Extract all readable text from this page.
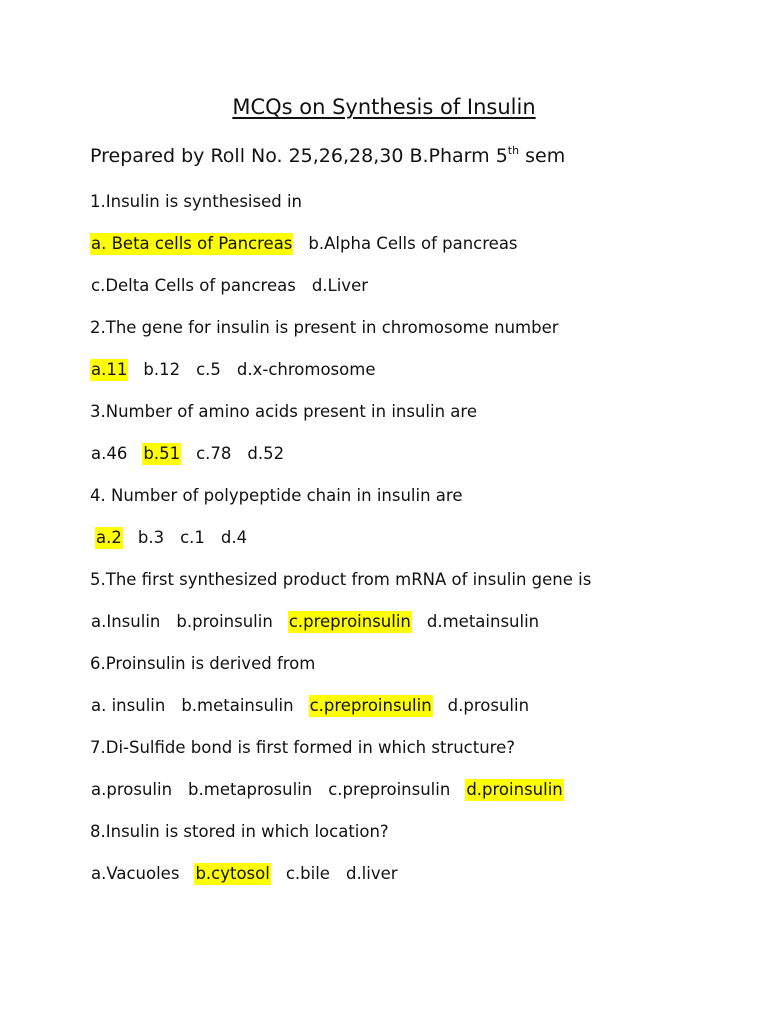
MCQs on Synthesis of Insulin
Prepared by Roll No. 25,26,28,30 B.Pharm 5th sem
1.Insulin is synthesised in
a. Beta cells of Pancreas b.Alpha Cells of pancreas
c.Delta Cells of pancreas d.Liver
2.The gene for insulin is present in chromosome number
a.11 b.12 c.5 d.x-chromosome
3.Number of amino acids present in insulin are
a.46 b.51 c.78 d.52
4. Number of polypeptide chain in insulin are
a.2 b.3 c.1 d.4
5.The first synthesized product from mRNA of insulin gene is
a.Insulin b.proinsulin c.preproinsulin d.metainsulin
6.Proinsulin is derived from
a. insulin b.metainsulin c.preproinsulin d.prosulin
7.Di-Sulfide bond is first formed in which structure?
a.prosulin b.metaprosulin c.preproinsulin d.proinsulin
8.Insulin is stored in which location?
a.Vacuoles b.cytosol c.bile d.liver
